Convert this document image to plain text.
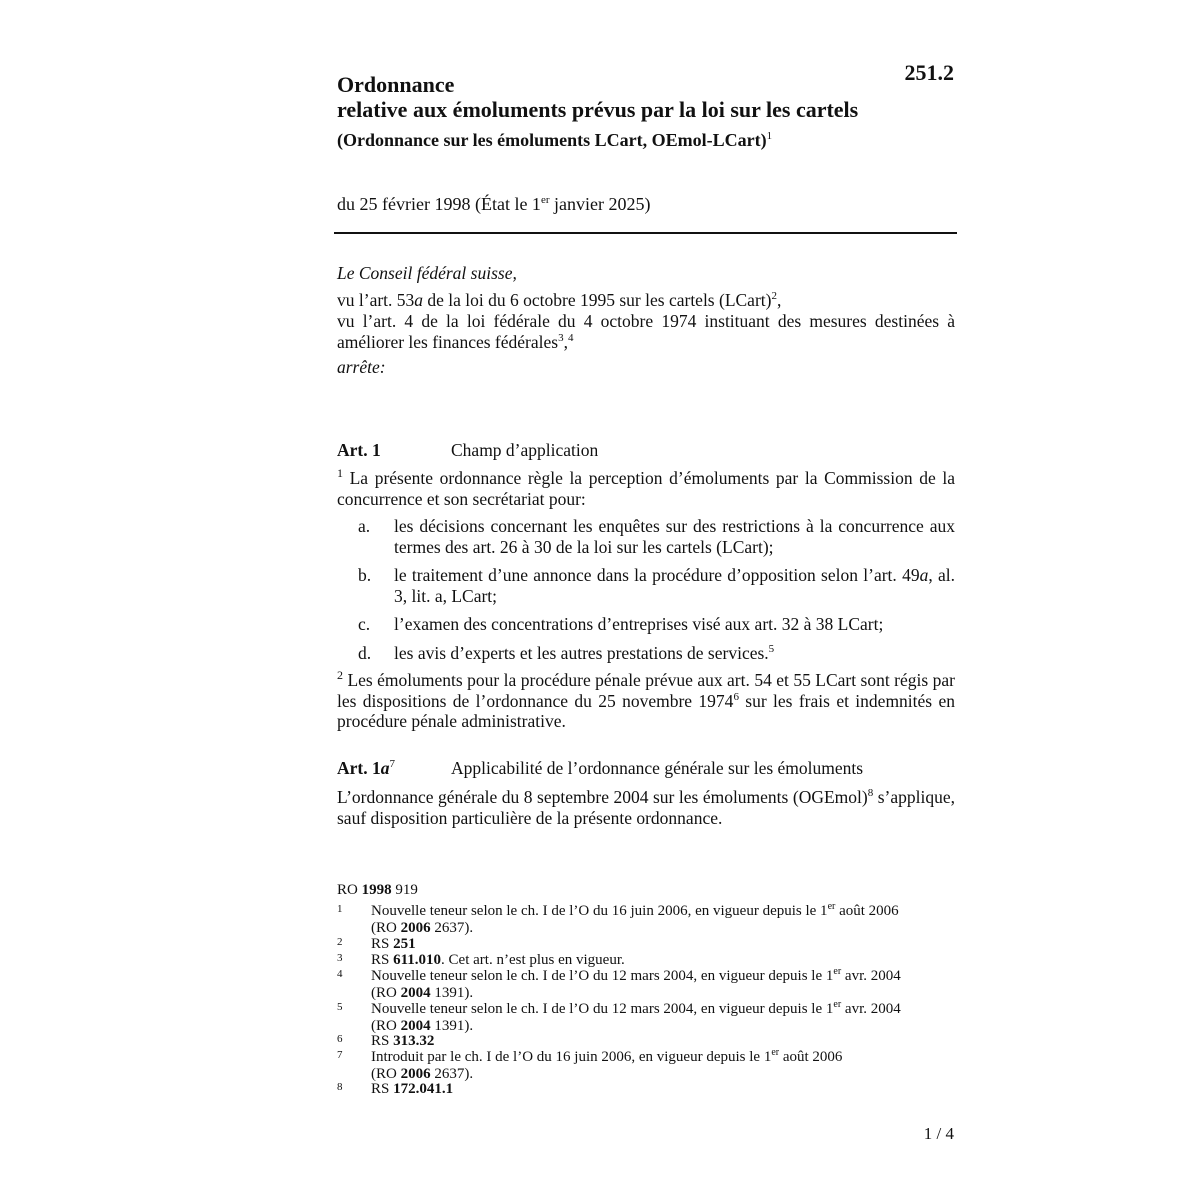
251.2
Ordonnance
relative aux émoluments prévus par la loi sur les cartels
(Ordonnance sur les émoluments LCart, OEmol-LCart)$^1$
du 25 février 1998 (État le 1er janvier 2025)
Le Conseil fédéral suisse,
vu l’art. 53a de la loi du 6 octobre 1995 sur les cartels (LCart)$^2$,
vu l’art. 4 de la loi fédérale du 4 octobre 1974 instituant des mesures destinées à améliorer les finances fédérales$^3$,$^4$
arrête:
Art. 1	Champ d’application
$^1$ La présente ordonnance règle la perception d’émoluments par la Commission de la concurrence et son secrétariat pour:
a. les décisions concernant les enquêtes sur des restrictions à la concurrence aux termes des art. 26 à 30 de la loi sur les cartels (LCart);
b. le traitement d’une annonce dans la procédure d’opposition selon l’art. 49a, al. 3, lit. a, LCart;
c. l’examen des concentrations d’entreprises visé aux art. 32 à 38 LCart;
d. les avis d’experts et les autres prestations de services.$^5$
$^2$ Les émoluments pour la procédure pénale prévue aux art. 54 et 55 LCart sont régis par les dispositions de l’ordonnance du 25 novembre 1974$^6$ sur les frais et indemnités en procédure pénale administrative.
Art. 1a$^7$	Applicabilité de l’ordonnance générale sur les émoluments
L’ordonnance générale du 8 septembre 2004 sur les émoluments (OGEmol)$^8$ s’applique, sauf disposition particulière de la présente ordonnance.
RO 1998 919
1 Nouvelle teneur selon le ch. I de l’O du 16 juin 2006, en vigueur depuis le 1er août 2006
(RO 2006 2637).
2 RS 251
3 RS 611.010. Cet art. n’est plus en vigueur.
4 Nouvelle teneur selon le ch. I de l’O du 12 mars 2004, en vigueur depuis le 1er avr. 2004
(RO 2004 1391).
5 Nouvelle teneur selon le ch. I de l’O du 12 mars 2004, en vigueur depuis le 1er avr. 2004
(RO 2004 1391).
6 RS 313.32
7 Introduit par le ch. I de l’O du 16 juin 2006, en vigueur depuis le 1er août 2006
(RO 2006 2637).
8 RS 172.041.1
1 / 4
